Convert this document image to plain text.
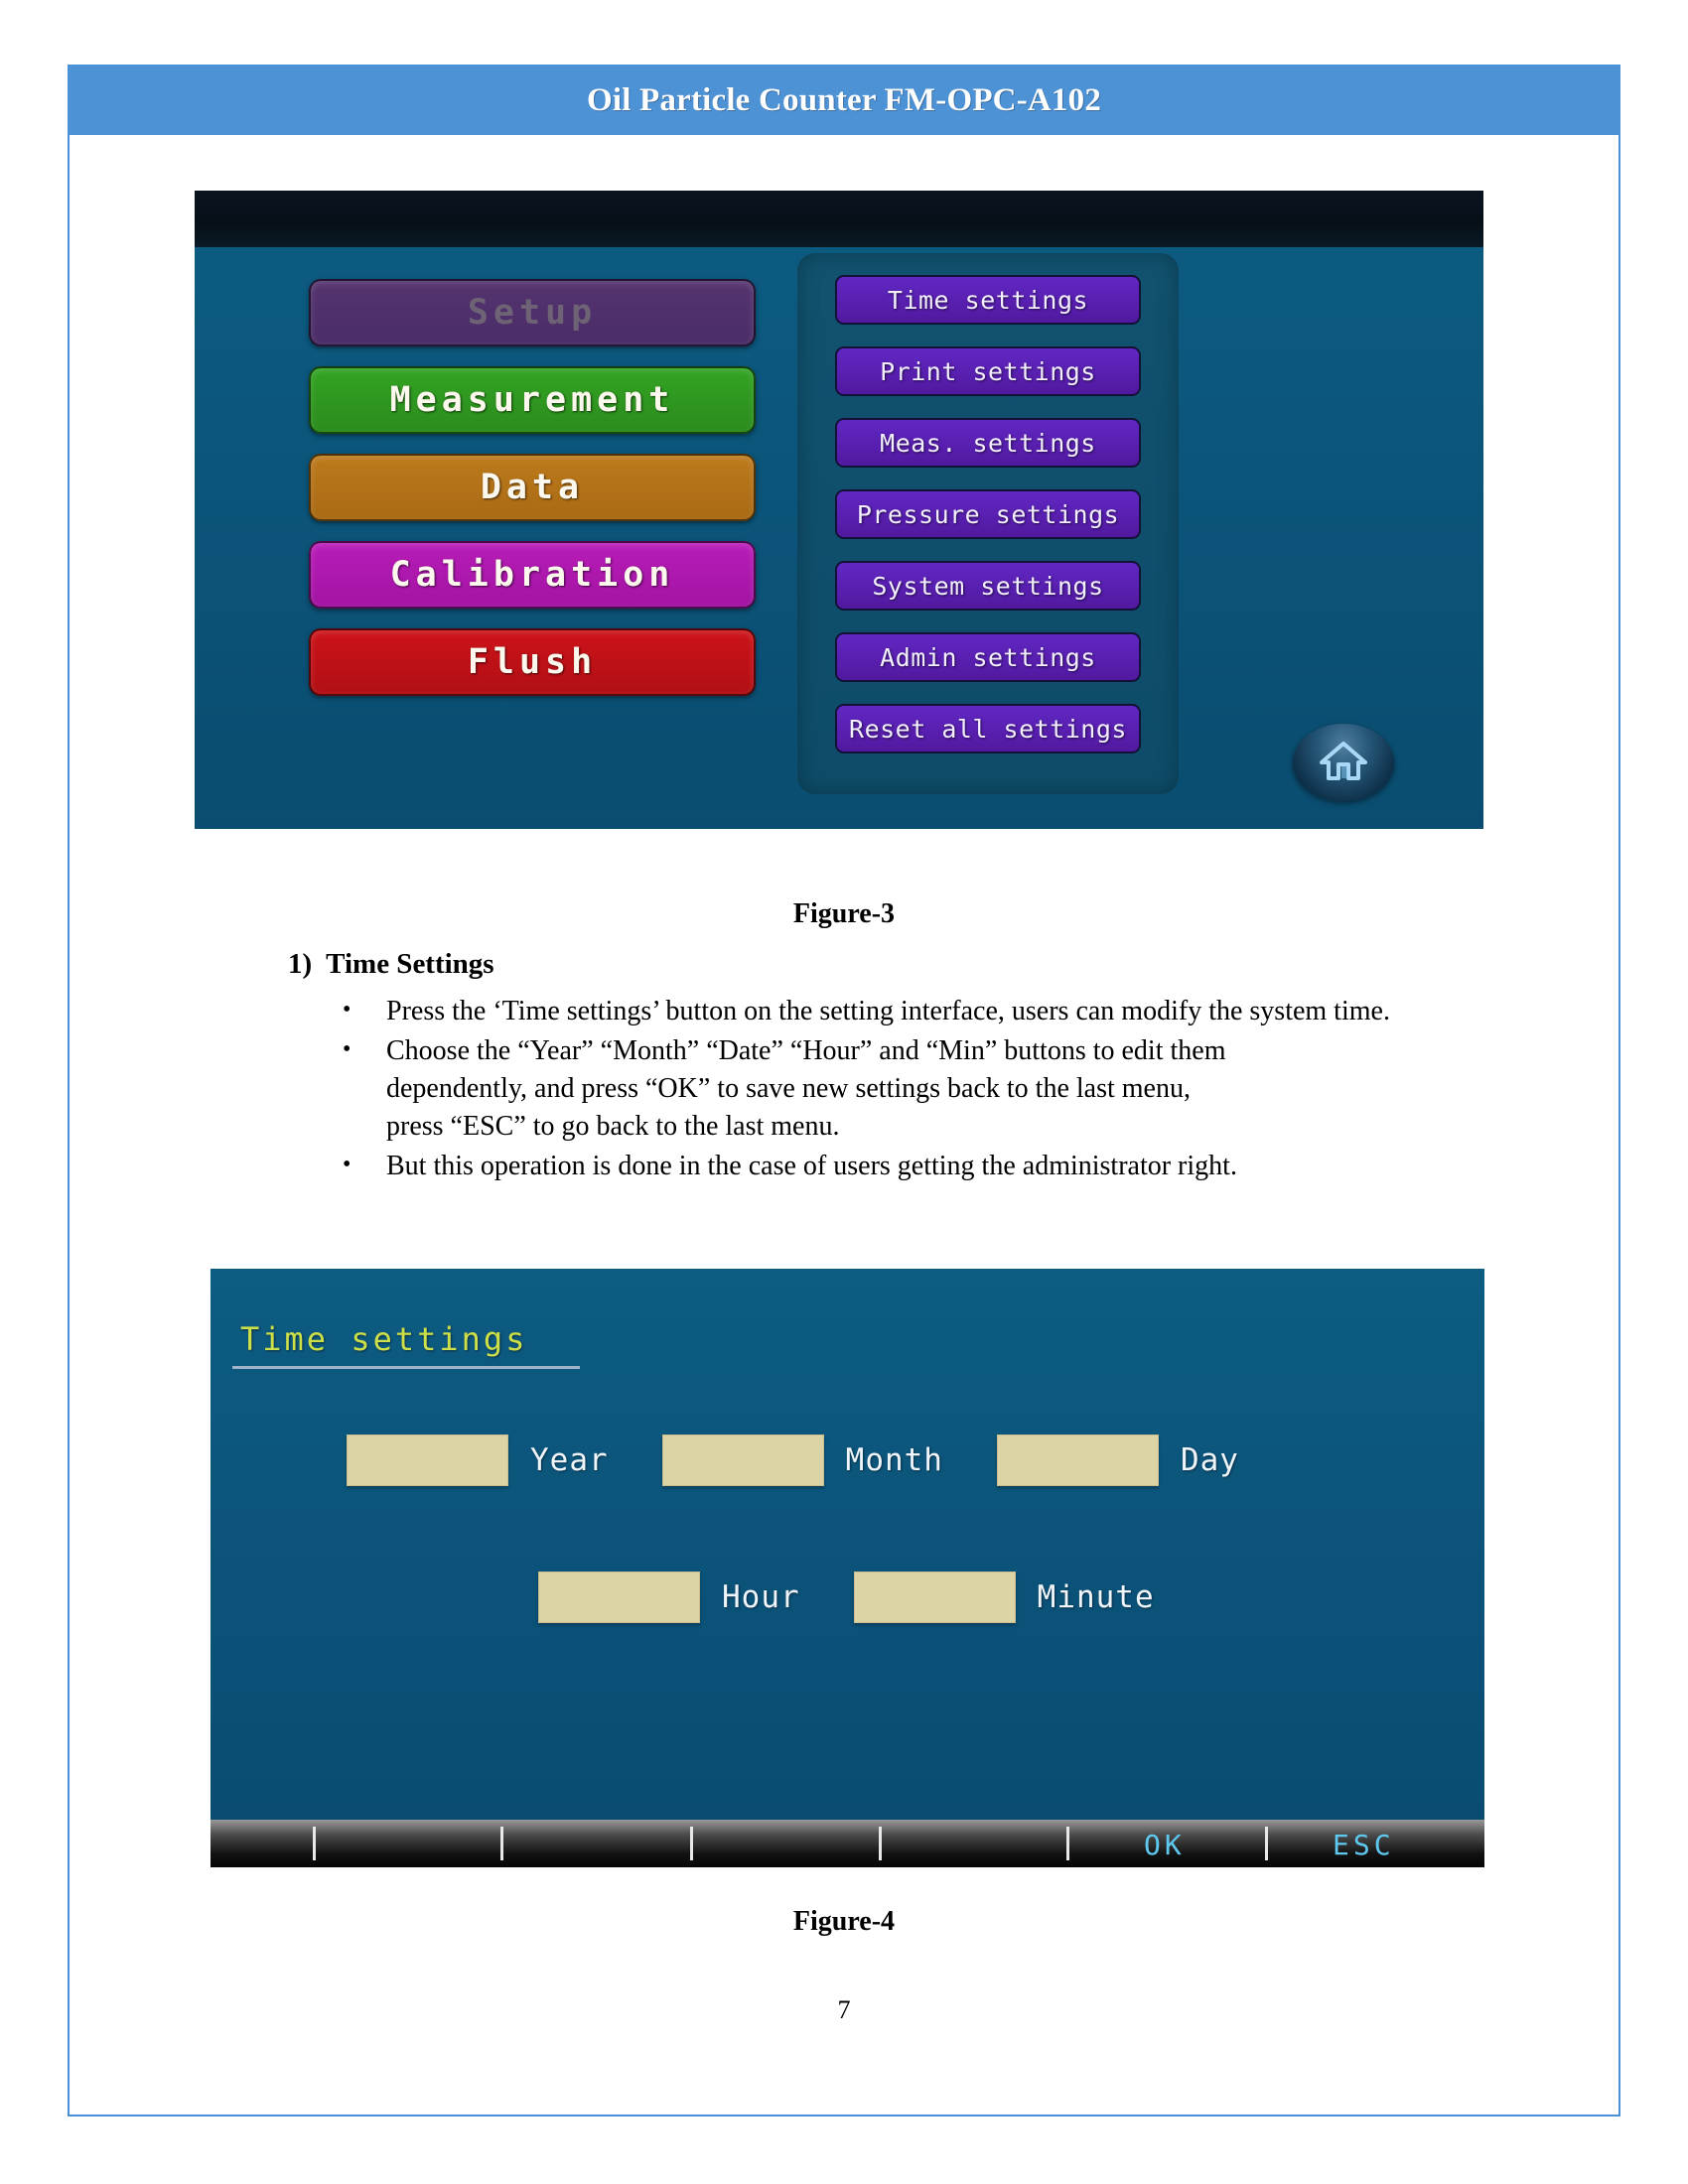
Oil Particle Counter FM-OPC-A102
Setup
Measurement
Data
Calibration
Flush
Time settings
Print settings
Meas. settings
Pressure settings
System settings
Admin settings
Reset all settings
Figure-3
1) Time Settings
•	Press the ‘Time settings’ button on the setting interface, users can modify the system time.
•	Choose the “Year” “Month” “Date” “Hour” and “Min” buttons to edit them
dependently, and press “OK” to save new settings back to the last menu,
press “ESC” to go back to the last menu.
•	But this operation is done in the case of users getting the administrator right.
Time settings
Year	Month	Day
Hour	Minute
OK	ESC
Figure-4
7
